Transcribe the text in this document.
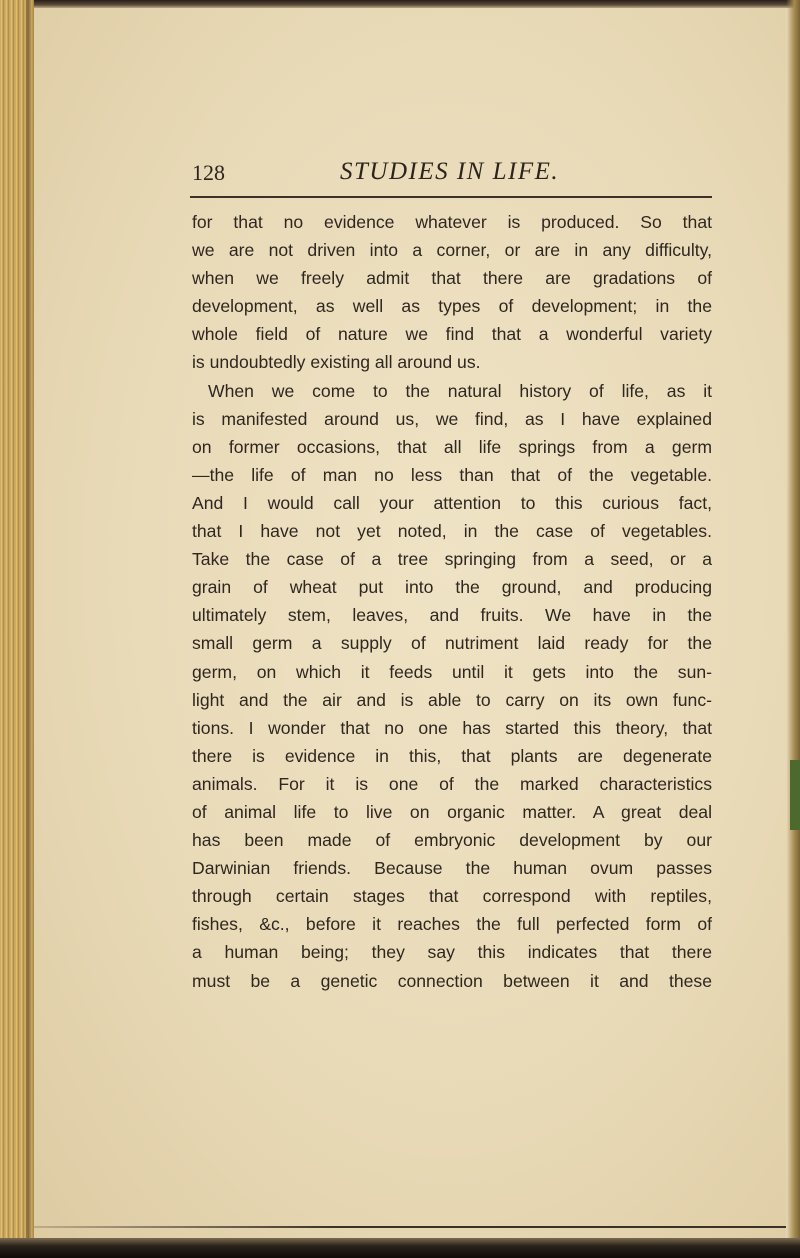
128	STUDIES IN LIFE.
for that no evidence whatever is produced. So that
we are not driven into a corner, or are in any difficulty,
when we freely admit that there are gradations of
development, as well as types of development; in the
whole field of nature we find that a wonderful variety
is undoubtedly existing all around us.
When we come to the natural history of life, as it
is manifested around us, we find, as I have explained
on former occasions, that all life springs from a germ
—the life of man no less than that of the vegetable.
And I would call your attention to this curious fact,
that I have not yet noted, in the case of vegetables.
Take the case of a tree springing from a seed, or a
grain of wheat put into the ground, and producing
ultimately stem, leaves, and fruits. We have in the
small germ a supply of nutriment laid ready for the
germ, on which it feeds until it gets into the sun-
light and the air and is able to carry on its own func-
tions. I wonder that no one has started this theory, that
there is evidence in this, that plants are degenerate
animals. For it is one of the marked characteristics
of animal life to live on organic matter. A great deal
has been made of embryonic development by our
Darwinian friends. Because the human ovum passes
through certain stages that correspond with reptiles,
fishes, &c., before it reaches the full perfected form of
a human being; they say this indicates that there
must be a genetic connection between it and these
